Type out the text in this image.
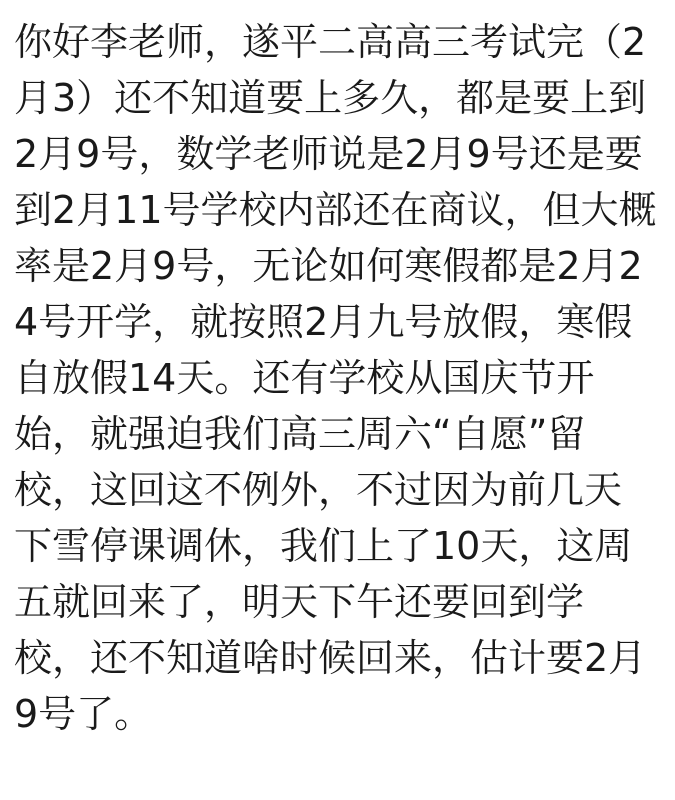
你好李老师，遂平二高高三考试完（2月3）还不知道要上多久，都是要上到2月9号，数学老师说是2月9号还是要到2月11号学校内部还在商议，但大概率是2月9号，无论如何寒假都是2月24号开学，就按照2月九号放假，寒假自放假14天。还有学校从国庆节开始，就强迫我们高三周六“自愿”留校，这回这不例外，不过因为前几天下雪停课调休，我们上了10天，这周五就回来了，明天下午还要回到学校，还不知道啥时候回来，估计要2月9号了。
